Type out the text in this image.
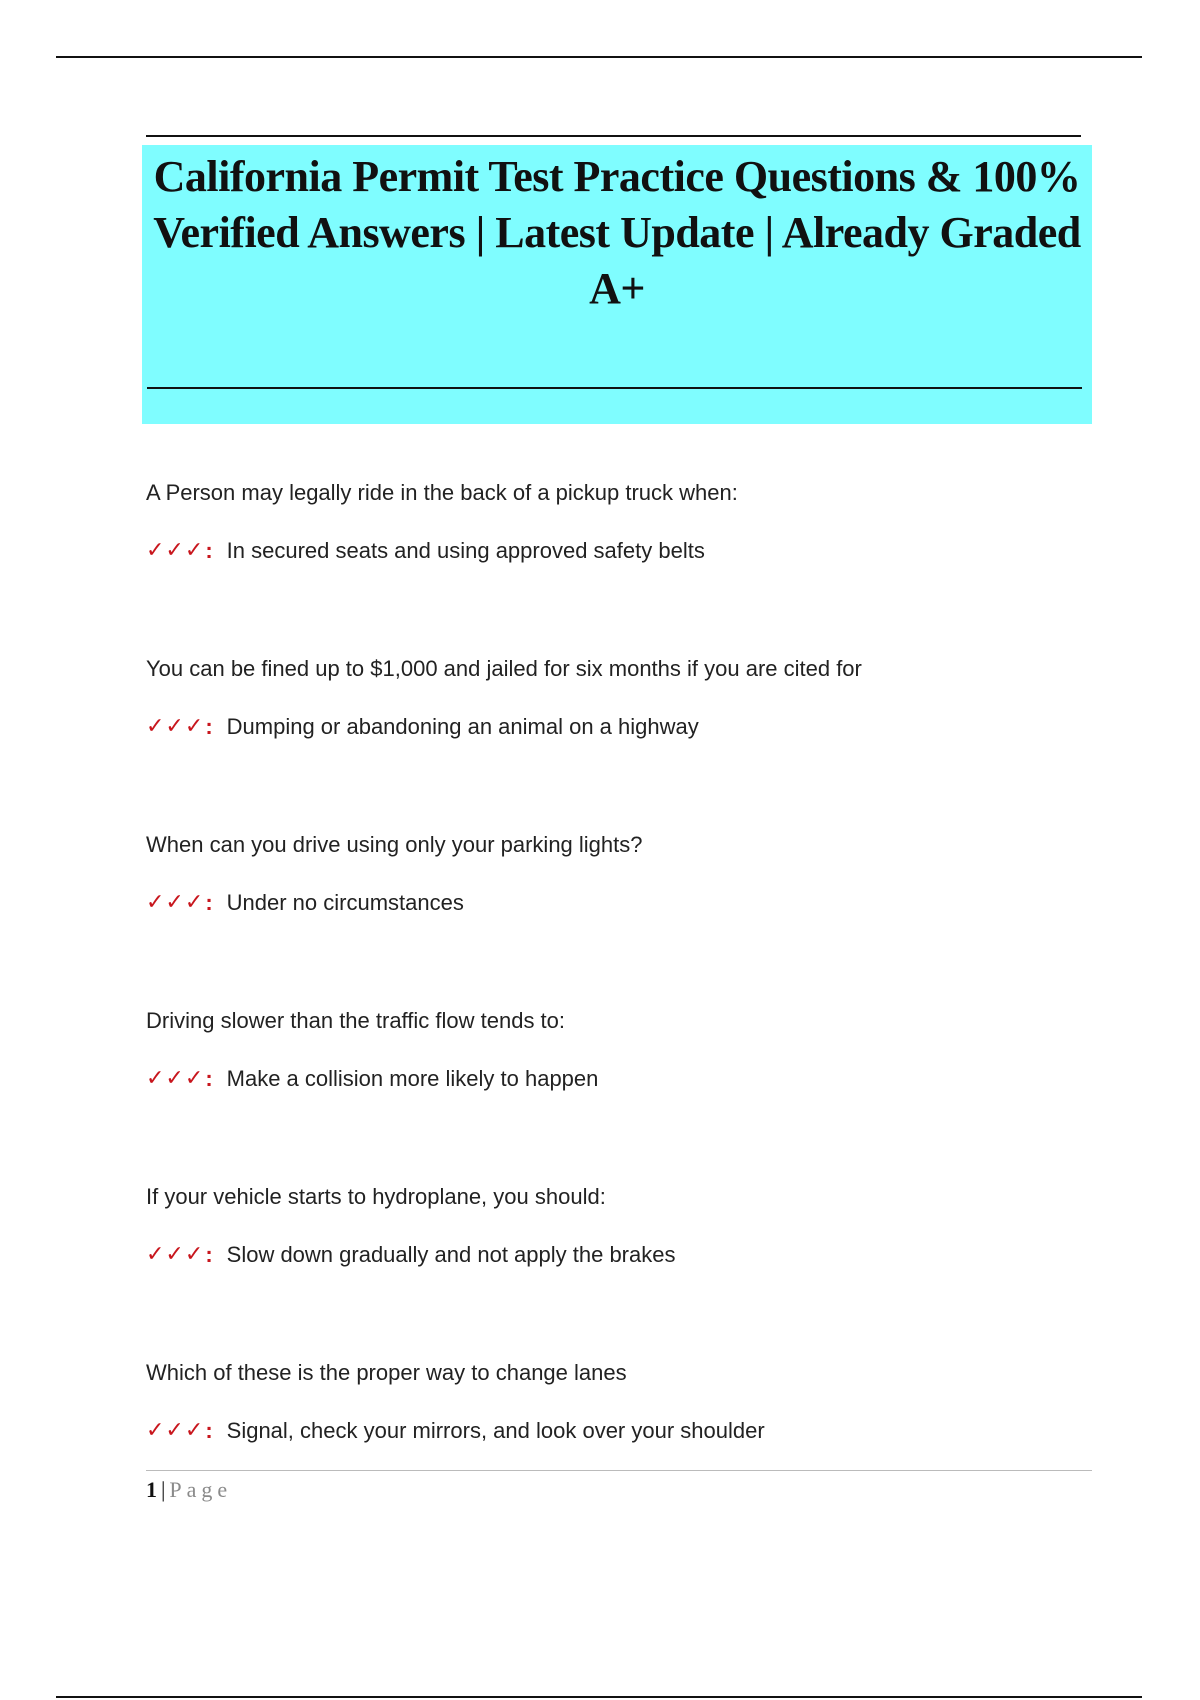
California Permit Test Practice Questions & 100% Verified Answers | Latest Update | Already Graded A+
A Person may legally ride in the back of a pickup truck when:
✓✓✓ : In secured seats and using approved safety belts
You can be fined up to $1,000 and jailed for six months if you are cited for
✓✓✓ : Dumping or abandoning an animal on a highway
When can you drive using only your parking lights?
✓✓✓ : Under no circumstances
Driving slower than the traffic flow tends to:
✓✓✓ : Make a collision more likely to happen
If your vehicle starts to hydroplane, you should:
✓✓✓ : Slow down gradually and not apply the brakes
Which of these is the proper way to change lanes
✓✓✓ : Signal, check your mirrors, and look over your shoulder
1 | Page
